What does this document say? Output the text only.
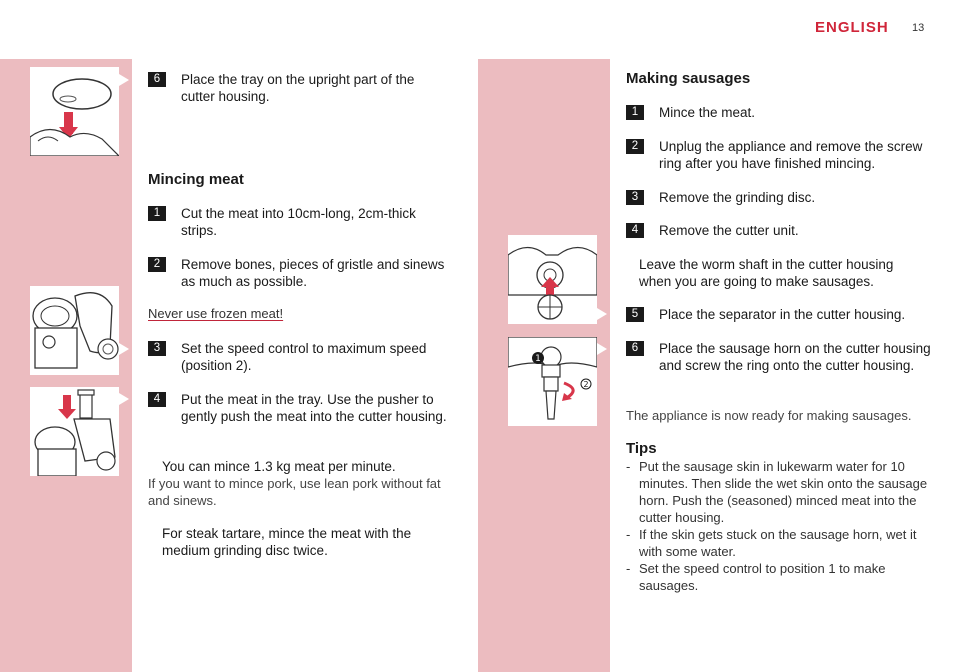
ENGLISH 13
6	Place the tray on the upright part of the cutter housing.
Mincing meat
1	Cut the meat into 10cm-long, 2cm-thick strips.
2	Remove bones, pieces of gristle and sinews as much as possible.
Never use frozen meat!
3	Set the speed control to maximum speed (position 2).
4	Put the meat in the tray. Use the pusher to gently push the meat into the cutter housing.
You can mince 1.3 kg meat per minute.
If you want to mince pork, use lean pork without fat and sinews.
For steak tartare, mince the meat with the medium grinding disc twice.
1
2
Making sausages
1	Mince the meat.
2	Unplug the appliance and remove the screw ring after you have finished mincing.
3	Remove the grinding disc.
4	Remove the cutter unit.
Leave the worm shaft in the cutter housing when you are going to make sausages.
5	Place the separator in the cutter housing.
6	Place the sausage horn on the cutter housing and screw the ring onto the cutter housing.
The appliance is now ready for making sausages.
Tips
- Put the sausage skin in lukewarm water for 10 minutes. Then slide the wet skin onto the sausage horn. Push the (seasoned) minced meat into the cutter housing.
- If the skin gets stuck on the sausage horn, wet it with some water.
- Set the speed control to position 1 to make sausages.
